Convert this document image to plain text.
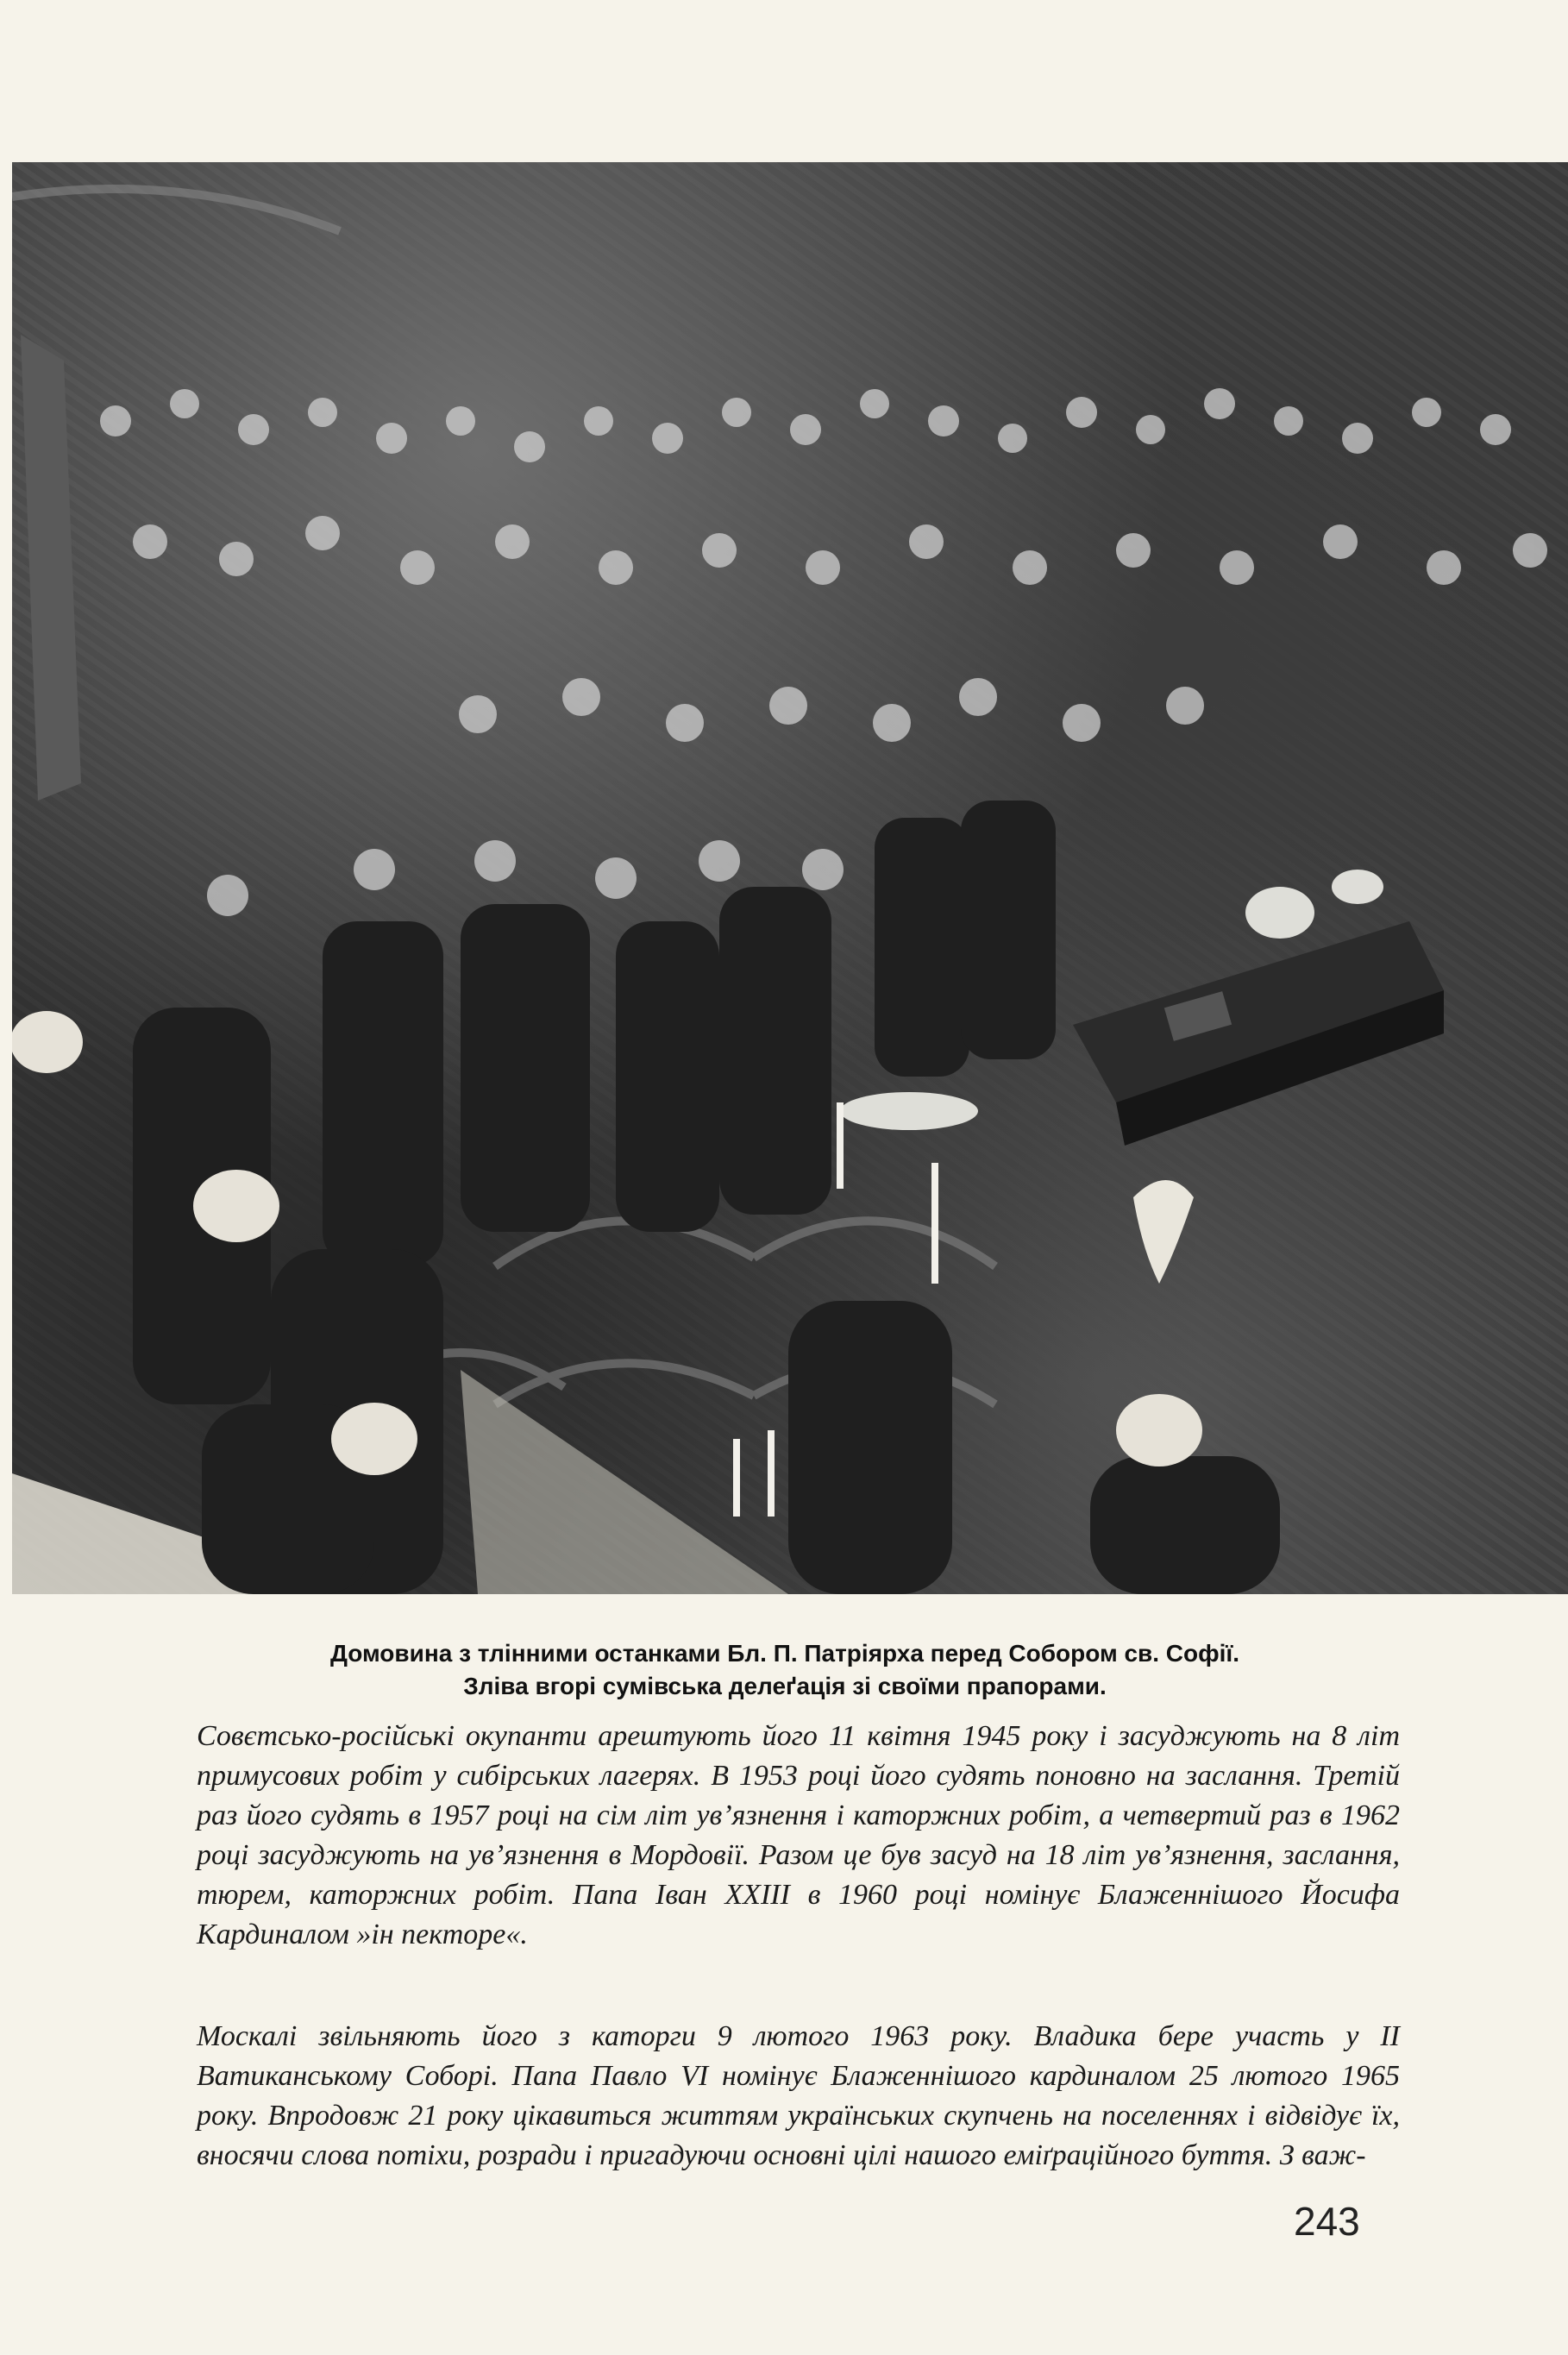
Домовина з тлінними останками Бл. П. Патріярха перед Собором св. Софії.
Зліва вгорі сумівська делеґація зі своїми прапорами.

Совєтсько-російські окупанти арештують його 11 квітня 1945 року і засуджують на 8 літ примусових робіт у сибірських лагерях. В 1953 році його судять поновно на заслання. Третій раз його судять в 1957 році на сім літ ув’язнення і каторжних робіт, а четвертий раз в 1962 році засуджують на ув’язнення в Мордовії. Разом це був засуд на 18 літ ув’язнення, заслання, тюрем, каторжних робіт. Папа Іван XXIII в 1960 році номінує Блаженнішого Йосифа Кардиналом »ін пекторе«.

Москалі звільняють його з каторги 9 лютого 1963 року. Владика бере участь у II Ватиканському Соборі. Папа Павло VI номінує Блаженнішого кардиналом 25 лютого 1965 року. Впродовж 21 року цікавиться життям українських скупчень на поселеннях і відвідує їх, вносячи слова потіхи, розради і пригадуючи основні цілі нашого еміґраційного буття. З важ-

243
